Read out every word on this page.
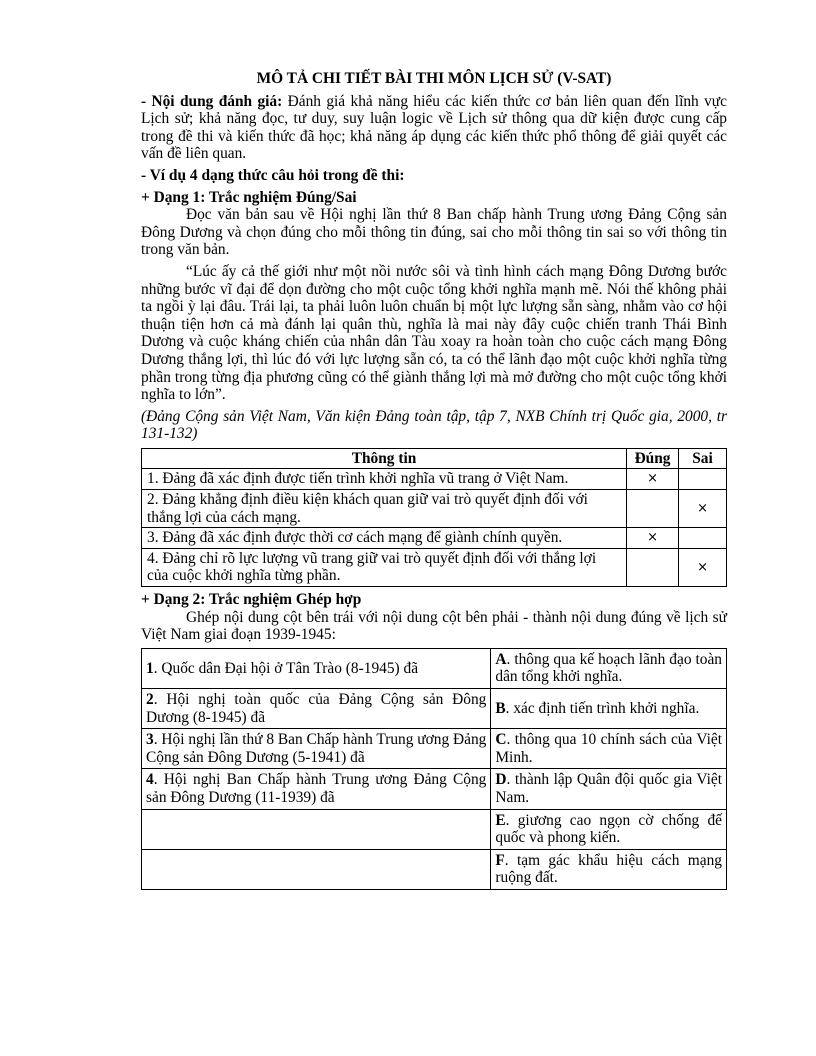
MÔ TẢ CHI TIẾT BÀI THI MÔN LỊCH SỬ (V-SAT)

- Nội dung đánh giá: Đánh giá khả năng hiểu các kiến thức cơ bản liên quan đến lĩnh vực Lịch sử; khả năng đọc, tư duy, suy luận logic về Lịch sử thông qua dữ kiện được cung cấp trong đề thi và kiến thức đã học; khả năng áp dụng các kiến thức phổ thông để giải quyết các vấn đề liên quan.

- Ví dụ 4 dạng thức câu hỏi trong đề thi:

+ Dạng 1: Trắc nghiệm Đúng/Sai

Đọc văn bản sau về Hội nghị lần thứ 8 Ban chấp hành Trung ương Đảng Cộng sản Đông Dương và chọn đúng cho mỗi thông tin đúng, sai cho mỗi thông tin sai so với thông tin trong văn bản.

“Lúc ấy cả thế giới như một nồi nước sôi và tình hình cách mạng Đông Dương bước những bước vĩ đại để dọn đường cho một cuộc tổng khởi nghĩa mạnh mẽ. Nói thế không phải ta ngồi ỳ lại đâu. Trái lại, ta phải luôn luôn chuẩn bị một lực lượng sẵn sàng, nhằm vào cơ hội thuận tiện hơn cả mà đánh lại quân thù, nghĩa là mai này đây cuộc chiến tranh Thái Bình Dương và cuộc kháng chiến của nhân dân Tàu xoay ra hoàn toàn cho cuộc cách mạng Đông Dương thắng lợi, thì lúc đó với lực lượng sẵn có, ta có thể lãnh đạo một cuộc khởi nghĩa từng phần trong từng địa phương cũng có thể giành thắng lợi mà mở đường cho một cuộc tổng khởi nghĩa to lớn”.

(Đảng Cộng sản Việt Nam, Văn kiện Đảng toàn tập, tập 7, NXB Chính trị Quốc gia, 2000, tr 131-132)

Thông tin	Đúng	Sai
1. Đảng đã xác định được tiến trình khởi nghĩa vũ trang ở Việt Nam.	×	
2. Đảng khẳng định điều kiện khách quan giữ vai trò quyết định đối với thắng lợi của cách mạng.		×
3. Đảng đã xác định được thời cơ cách mạng để giành chính quyền.	×	
4. Đảng chỉ rõ lực lượng vũ trang giữ vai trò quyết định đối với thắng lợi của cuộc khởi nghĩa từng phần.		×

+ Dạng 2: Trắc nghiệm Ghép hợp

Ghép nội dung cột bên trái với nội dung cột bên phải - thành nội dung đúng về lịch sử Việt Nam giai đoạn 1939-1945:

1. Quốc dân Đại hội ở Tân Trào (8-1945) đã	A. thông qua kế hoạch lãnh đạo toàn dân tổng khởi nghĩa.
2. Hội nghị toàn quốc của Đảng Cộng sản Đông Dương (8-1945) đã	B. xác định tiến trình khởi nghĩa.
3. Hội nghị lần thứ 8 Ban Chấp hành Trung ương Đảng Cộng sản Đông Dương (5-1941) đã	C. thông qua 10 chính sách của Việt Minh.
4. Hội nghị Ban Chấp hành Trung ương Đảng Cộng sản Đông Dương (11-1939) đã	D. thành lập Quân đội quốc gia Việt Nam.
	E. giương cao ngọn cờ chống đế quốc và phong kiến.
	F. tạm gác khẩu hiệu cách mạng ruộng đất.
